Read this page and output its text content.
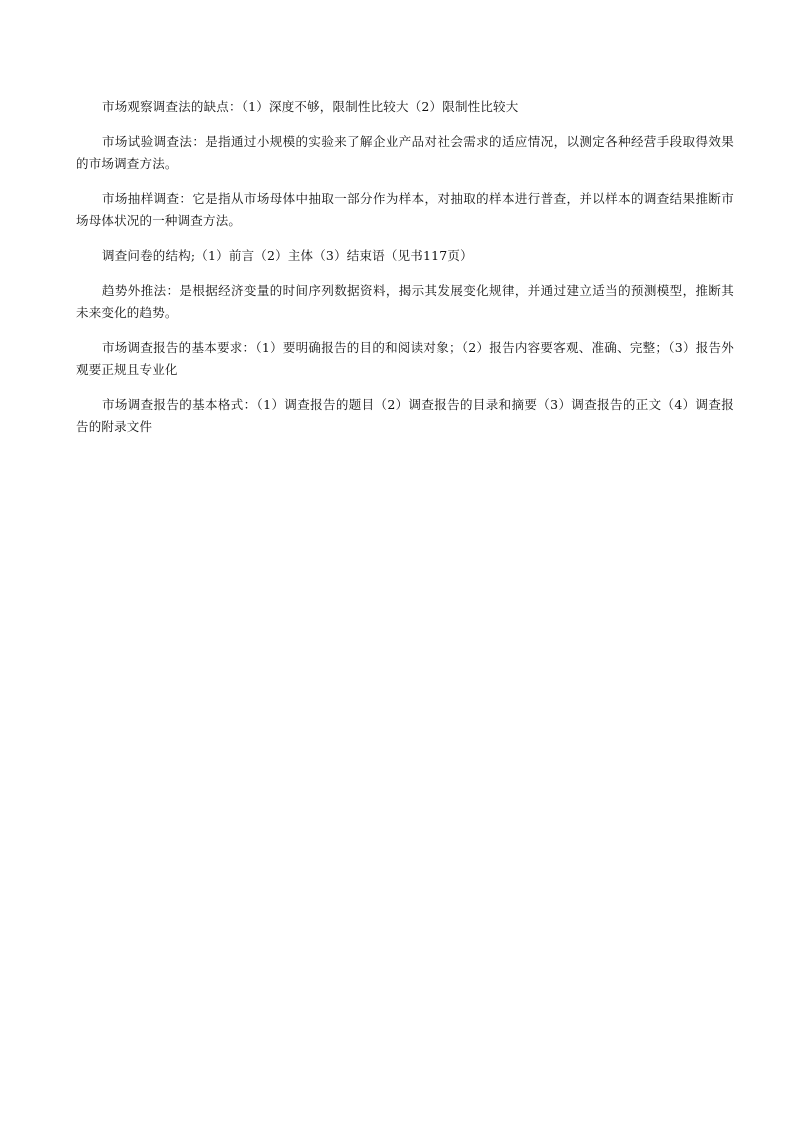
市场观察调查法的缺点：（1）深度不够，限制性比较大（2）限制性比较大

市场试验调查法：是指通过小规模的实验来了解企业产品对社会需求的适应情况，以测定各种经营手段取得效果的市场调查方法。

市场抽样调查：它是指从市场母体中抽取一部分作为样本，对抽取的样本进行普查，并以样本的调查结果推断市场母体状况的一种调查方法。

调查问卷的结构;（1）前言（2）主体（3）结束语（见书117页）

趋势外推法：是根据经济变量的时间序列数据资料，揭示其发展变化规律，并通过建立适当的预测模型，推断其未来变化的趋势。

市场调查报告的基本要求：（1）要明确报告的目的和阅读对象；（2）报告内容要客观、准确、完整；（3）报告外观要正规且专业化

市场调查报告的基本格式：（1）调查报告的题目（2）调查报告的目录和摘要（3）调查报告的正文（4）调查报告的附录文件
